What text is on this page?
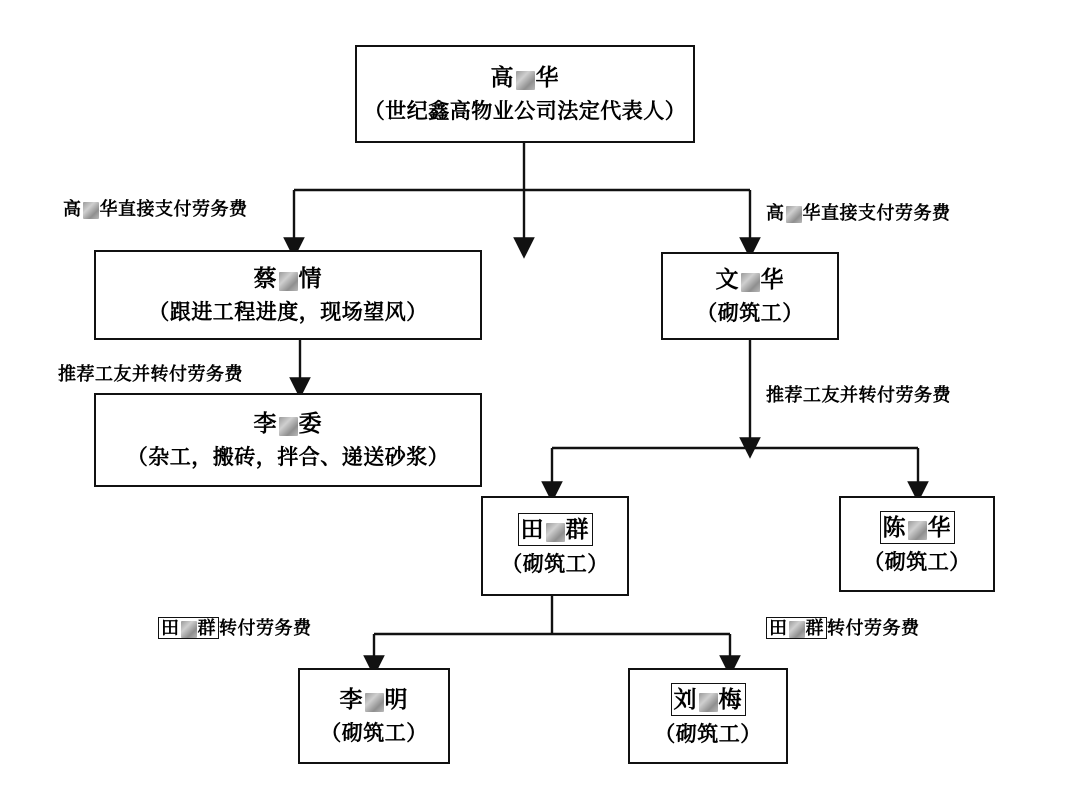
高 华
（世纪鑫高物业公司法定代表人）
蔡 情
（跟进工程进度，现场望风）
文 华
（砌筑工）
李 委
（杂工，搬砖，拌合、递送砂浆）
田 群
（砌筑工）
陈 华
（砌筑工）
李 明
（砌筑工）
刘 梅
（砌筑工）
高 华直接支付劳务费	高 华直接支付劳务费
推荐工友并转付劳务费
推荐工友并转付劳务费
田 群 转付劳务费	田 群 转付劳务费
